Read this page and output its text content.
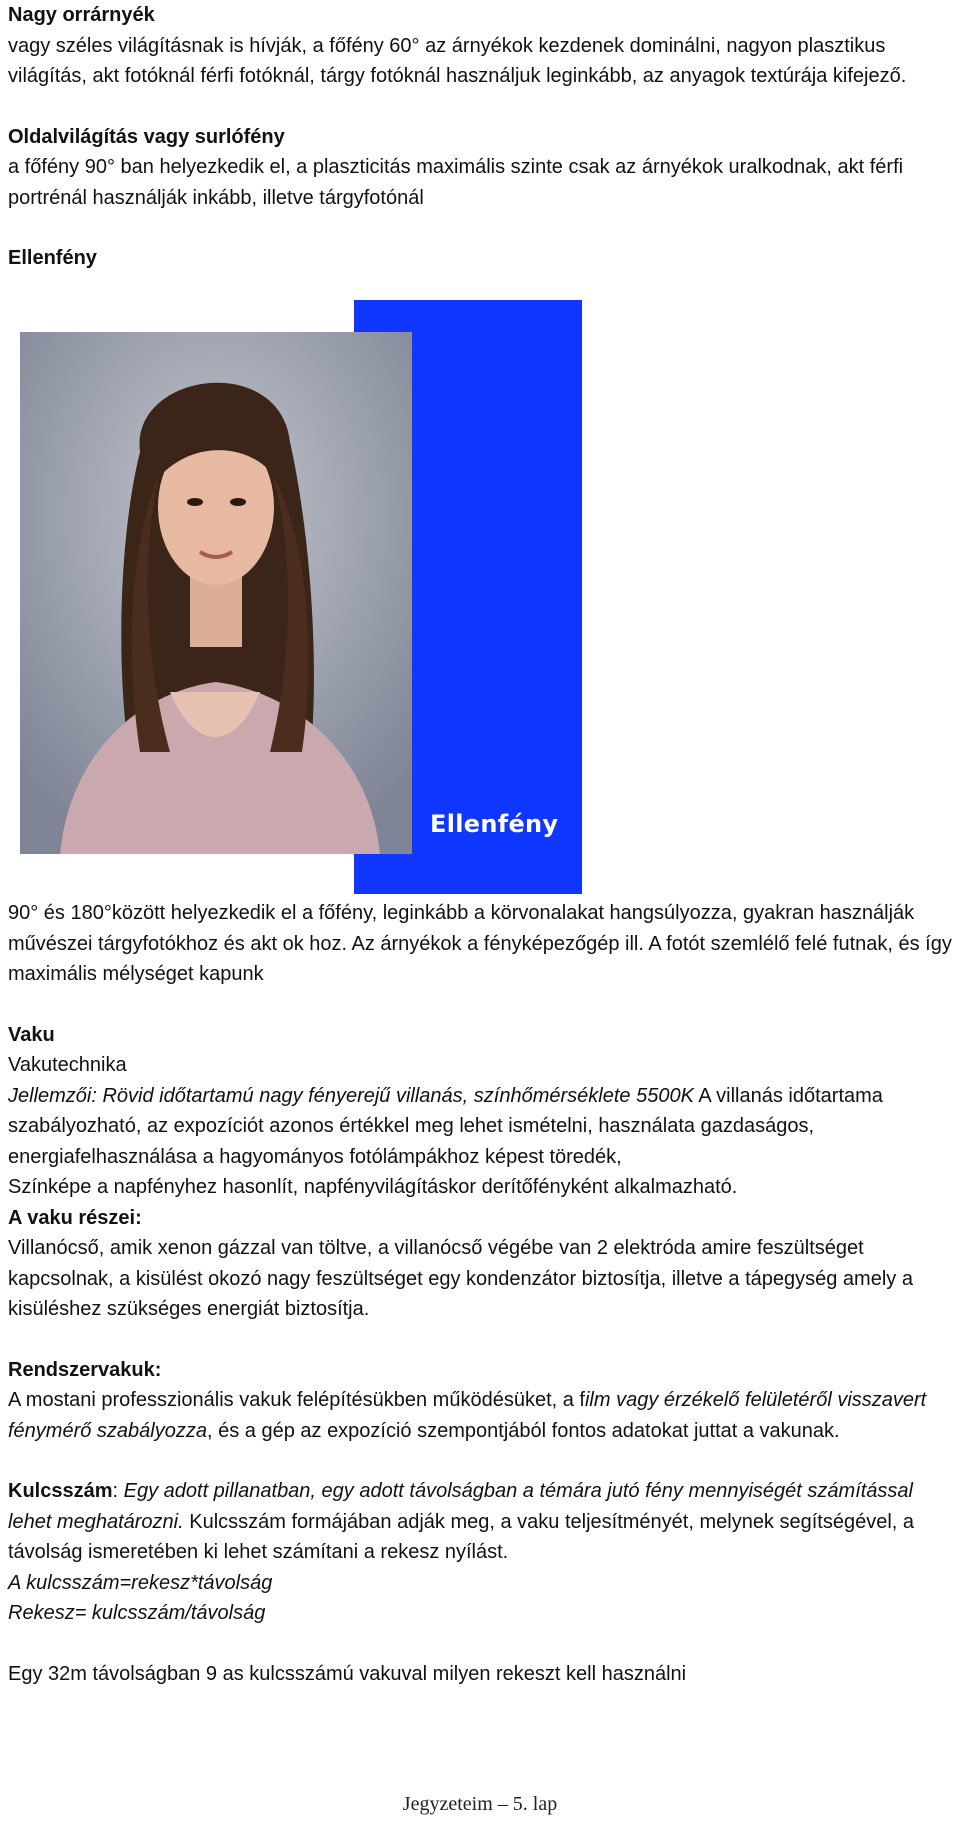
Nagy orrárnyék

vagy széles világításnak is hívják, a főfény 60° az árnyékok kezdenek dominálni, nagyon plasztikus világítás, akt fotóknál férfi fotóknál, tárgy fotóknál használjuk leginkább, az anyagok textúrája kifejező.

Oldalvilágítás vagy surlófény

a főfény 90° ban helyezkedik el, a plaszticitás maximális szinte csak az árnyékok uralkodnak, akt férfi portrénál használják inkább, illetve tárgyfotónál

Ellenfény

Ellenfény

90° és 180°között helyezkedik el a főfény, leginkább a körvonalakat hangsúlyozza, gyakran használják művészei tárgyfotókhoz és akt ok hoz. Az árnyékok a fényképezőgép ill. A fotót szemlélő felé futnak, és így maximális mélységet kapunk

Vaku

Vakutechnika

Jellemzői: Rövid időtartamú nagy fényerejű villanás, színhőmérséklete 5500K A villanás időtartama szabályozható, az expozíciót azonos értékkel meg lehet ismételni, használata gazdaságos, energiafelhasználása a hagyományos fotólámpákhoz képest töredék,

Színképe a napfényhez hasonlít, napfényvilágításkor derítőfényként alkalmazható.

A vaku részei:

Villanócső, amik xenon gázzal van töltve, a villanócső végébe van 2 elektróda amire feszültséget kapcsolnak, a kisülést okozó nagy feszültséget egy kondenzátor biztosítja, illetve a tápegység amely a kisüléshez szükséges energiát biztosítja.

Rendszervakuk:

A mostani professzionális vakuk felépítésükben működésüket, a film vagy érzékelő felületéről visszavert fénymérő szabályozza, és a gép az expozíció szempontjából fontos adatokat juttat a vakunak.

Kulcsszám: Egy adott pillanatban, egy adott távolságban a témára jutó fény mennyiségét számítással lehet meghatározni. Kulcsszám formájában adják meg, a vaku teljesítményét, melynek segítségével, a távolság ismeretében ki lehet számítani a rekesz nyílást.

A kulcsszám=rekesz*távolság

Rekesz= kulcsszám/távolság

Egy 32m távolságban 9 as kulcsszámú vakuval milyen rekeszt kell használni

Jegyzeteim – 5. lap
